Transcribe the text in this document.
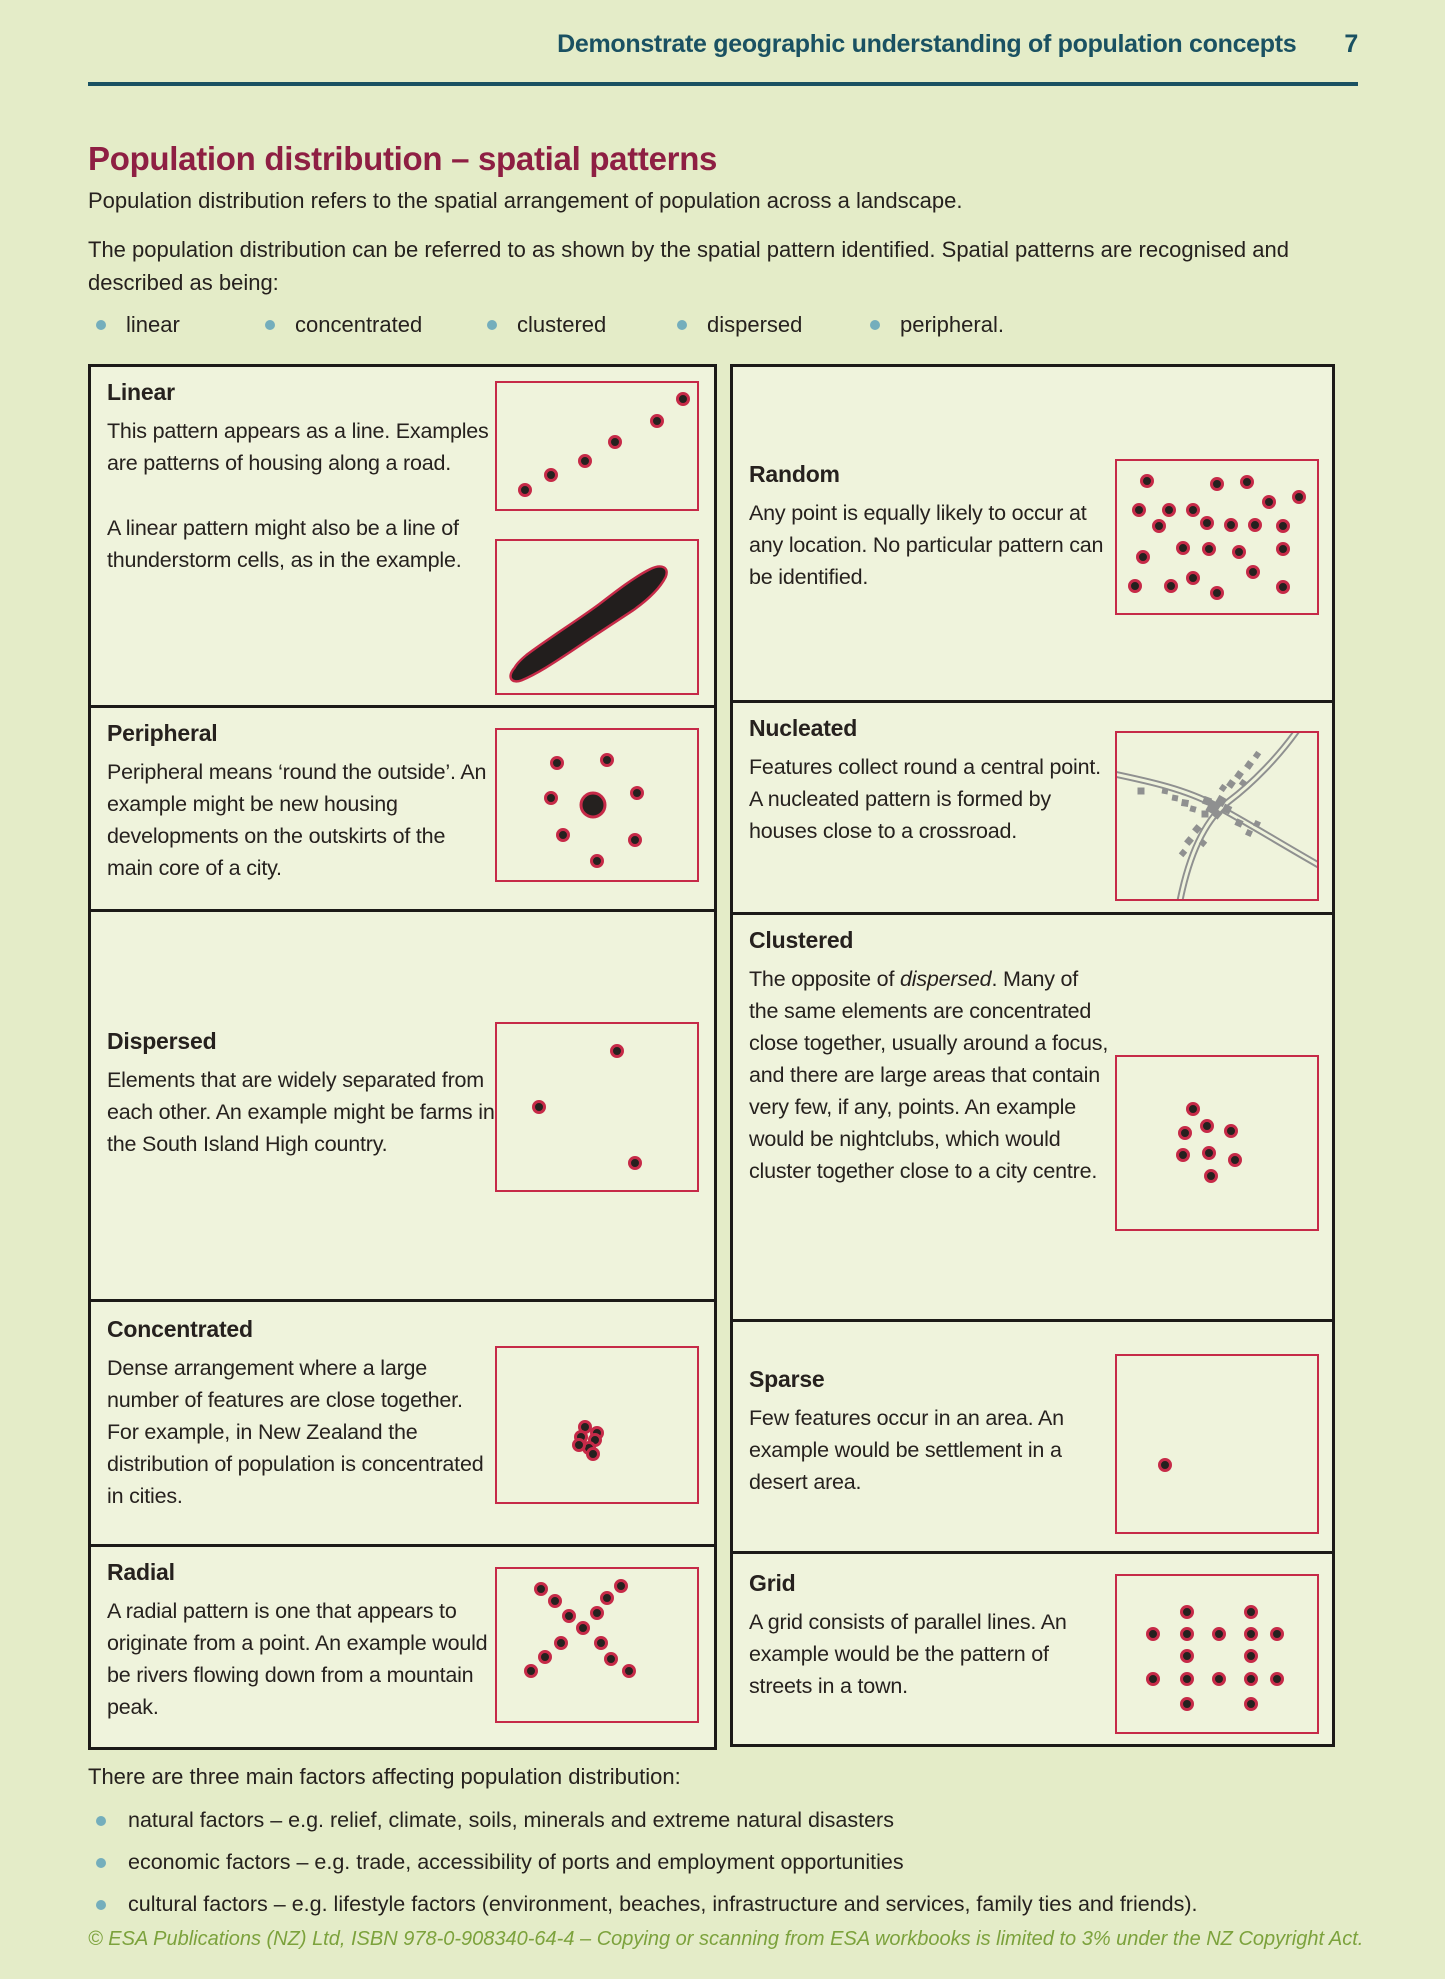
Demonstrate geographic understanding of population concepts 7
Population distribution – spatial patterns

Population distribution refers to the spatial arrangement of population across a landscape.

The population distribution can be referred to as shown by the spatial pattern identified. Spatial patterns are recognised and described as being:

linear	concentrated	clustered	dispersed	peripheral.
Linear

This pattern appears as a line. Examples are patterns of housing along a road.

A linear pattern might also be a line of thunderstorm cells, as in the example.

Peripheral

Peripheral means ‘round the outside’. An example might be new housing developments on the outskirts of the main core of a city.

Dispersed

Elements that are widely separated from each other. An example might be farms in the South Island High country.

Concentrated

Dense arrangement where a large number of features are close together. For example, in New Zealand the distribution of population is concentrated in cities.

Radial

A radial pattern is one that appears to originate from a point. An example would be rivers flowing down from a mountain peak.

Random

Any point is equally likely to occur at any location. No particular pattern can be identified.

Nucleated

Features collect round a central point. A nucleated pattern is formed by houses close to a crossroad.

Clustered

The opposite of dispersed. Many of the same elements are concentrated close together, usually around a focus, and there are large areas that contain very few, if any, points. An example would be nightclubs, which would cluster together close to a city centre.

Sparse

Few features occur in an area. An example would be settlement in a desert area.

Grid

A grid consists of parallel lines. An example would be the pattern of streets in a town.

There are three main factors affecting population distribution:

natural factors – e.g. relief, climate, soils, minerals and extreme natural disasters
economic factors – e.g. trade, accessibility of ports and employment opportunities
cultural factors – e.g. lifestyle factors (environment, beaches, infrastructure and services, family ties and friends).

© ESA Publications (NZ) Ltd, ISBN 978-0-908340-64-4 – Copying or scanning from ESA workbooks is limited to 3% under the NZ Copyright Act.
